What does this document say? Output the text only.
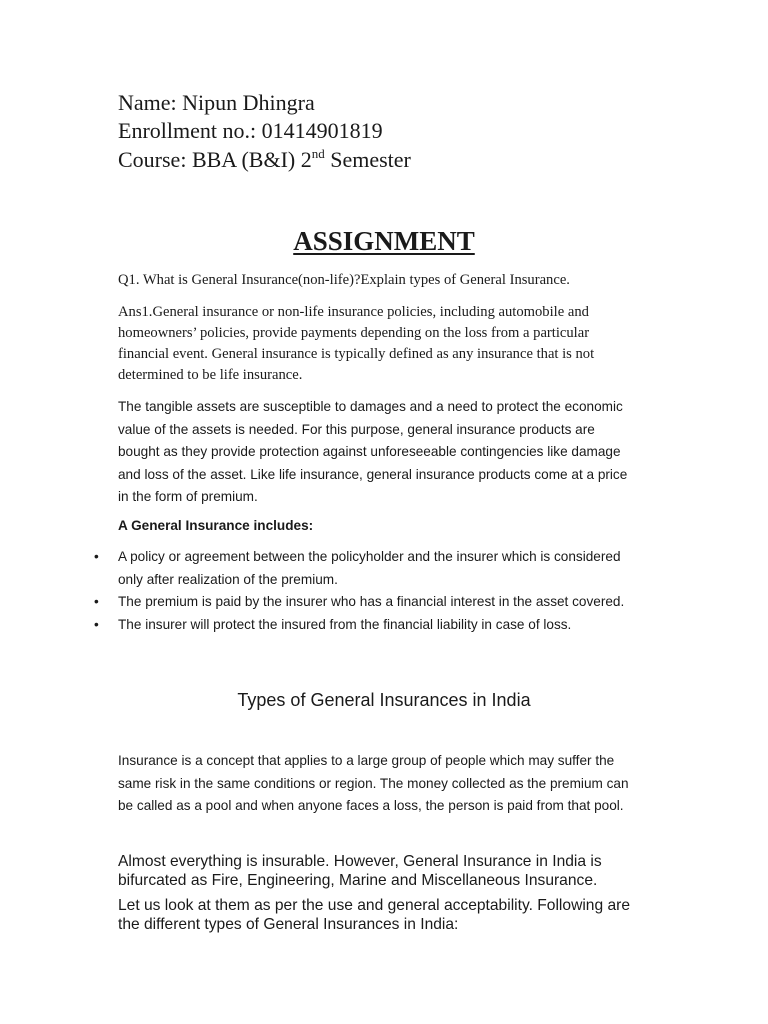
Name: Nipun Dhingra
Enrollment no.: 01414901819
Course: BBA (B&I) 2nd Semester
ASSIGNMENT

Q1. What is General Insurance(non-life)?Explain types of General Insurance.

Ans1.General insurance or non-life insurance policies, including automobile and homeowners’ policies, provide payments depending on the loss from a particular financial event. General insurance is typically defined as any insurance that is not determined to be life insurance.

The tangible assets are susceptible to damages and a need to protect the economic value of the assets is needed. For this purpose, general insurance products are bought as they provide protection against unforeseeable contingencies like damage and loss of the asset. Like life insurance, general insurance products come at a price in the form of premium.

A General Insurance includes:
• A policy or agreement between the policyholder and the insurer which is considered only after realization of the premium.
• The premium is paid by the insurer who has a financial interest in the asset covered.
• The insurer will protect the insured from the financial liability in case of loss.
Types of General Insurances in India

Insurance is a concept that applies to a large group of people which may suffer the same risk in the same conditions or region. The money collected as the premium can be called as a pool and when anyone faces a loss, the person is paid from that pool.

Almost everything is insurable. However, General Insurance in India is bifurcated as Fire, Engineering, Marine and Miscellaneous Insurance.

Let us look at them as per the use and general acceptability. Following are the different types of General Insurances in India:
